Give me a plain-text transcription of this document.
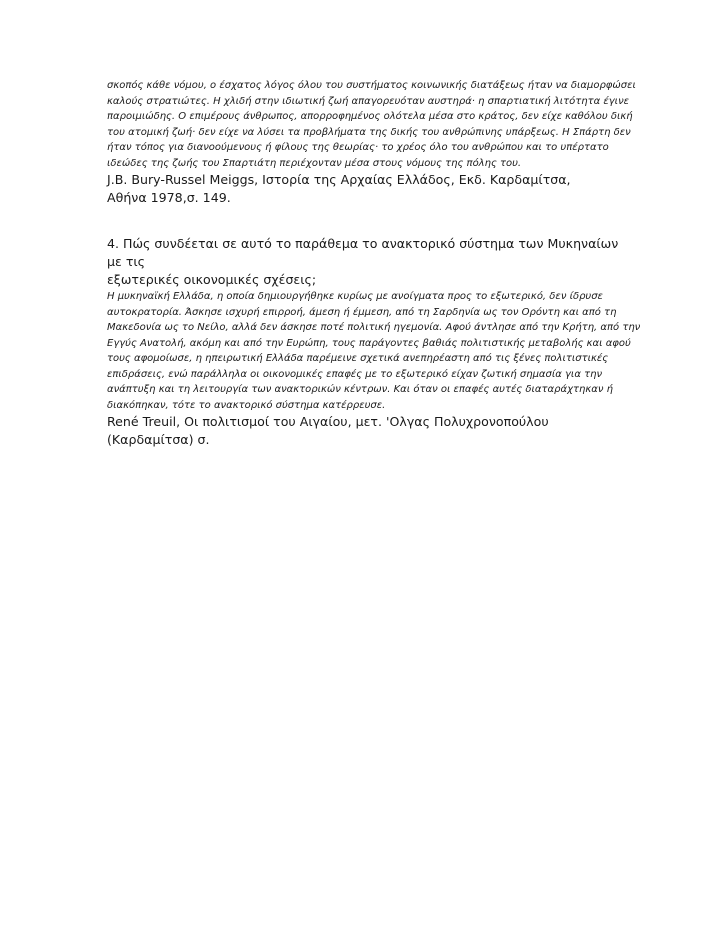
σκοπός κάθε νόμου, ο έσχατος λόγος όλου του συστήματος κοινωνικής διατάξεως ήταν να διαμορφώσει
καλούς στρατιώτες. Η χλιδή στην ιδιωτική ζωή απαγορευόταν αυστηρά· η σπαρτιατική λιτότητα έγινε
παροιμιώδης. Ο επιμέρους άνθρωπος, απορροφημένος ολότελα μέσα στο κράτος, δεν είχε καθόλου δική
του ατομική ζωή· δεν είχε να λύσει τα προβλήματα της δικής του ανθρώπινης υπάρξεως. Η Σπάρτη δεν
ήταν τόπος για διανοούμενους ή φίλους της θεωρίας· το χρέος όλο του ανθρώπου και το υπέρτατο
ιδεώδες της ζωής του Σπαρτιάτη περιέχονταν μέσα στους νόμους της πόλης του.
J.B. Bury-Russel Meiggs, Ιστορία της Αρχαίας Ελλάδος, Εκδ. Καρδαμίτσα,
Αθήνα 1978,σ. 149.
4. Πώς συνδέεται σε αυτό το παράθεμα το ανακτορικό σύστημα των Μυκηναίων με τις
εξωτερικές οικονομικές σχέσεις;
Η μυκηναϊκή Ελλάδα, η οποία δημιουργήθηκε κυρίως με ανοίγματα προς το εξωτερικό, δεν ίδρυσε
αυτοκρατορία. Άσκησε ισχυρή επιρροή, άμεση ή έμμεση, από τη Σαρδηνία ως τον Ορόντη και από τη
Μακεδονία ως το Νείλο, αλλά δεν άσκησε ποτέ πολιτική ηγεμονία. Αφού άντλησε από την Κρήτη, από την
Εγγύς Ανατολή, ακόμη και από την Ευρώπη, τους παράγοντες βαθιάς πολιτιστικής μεταβολής και αφού
τους αφομοίωσε, η ηπειρωτική Ελλάδα παρέμεινε σχετικά ανεπηρέαστη από τις ξένες πολιτιστικές
επιδράσεις, ενώ παράλληλα οι οικονομικές επαφές με το εξωτερικό είχαν ζωτική σημασία για την
ανάπτυξη και τη λειτουργία των ανακτορικών κέντρων. Και όταν οι επαφές αυτές διαταράχτηκαν ή
διακόπηκαν, τότε το ανακτορικό σύστημα κατέρρευσε.
René Treuil, Οι πολιτισμοί του Αιγαίου, μετ. 'Ολγας Πολυχρονοπούλου
(Καρδαμίτσα) σ.
